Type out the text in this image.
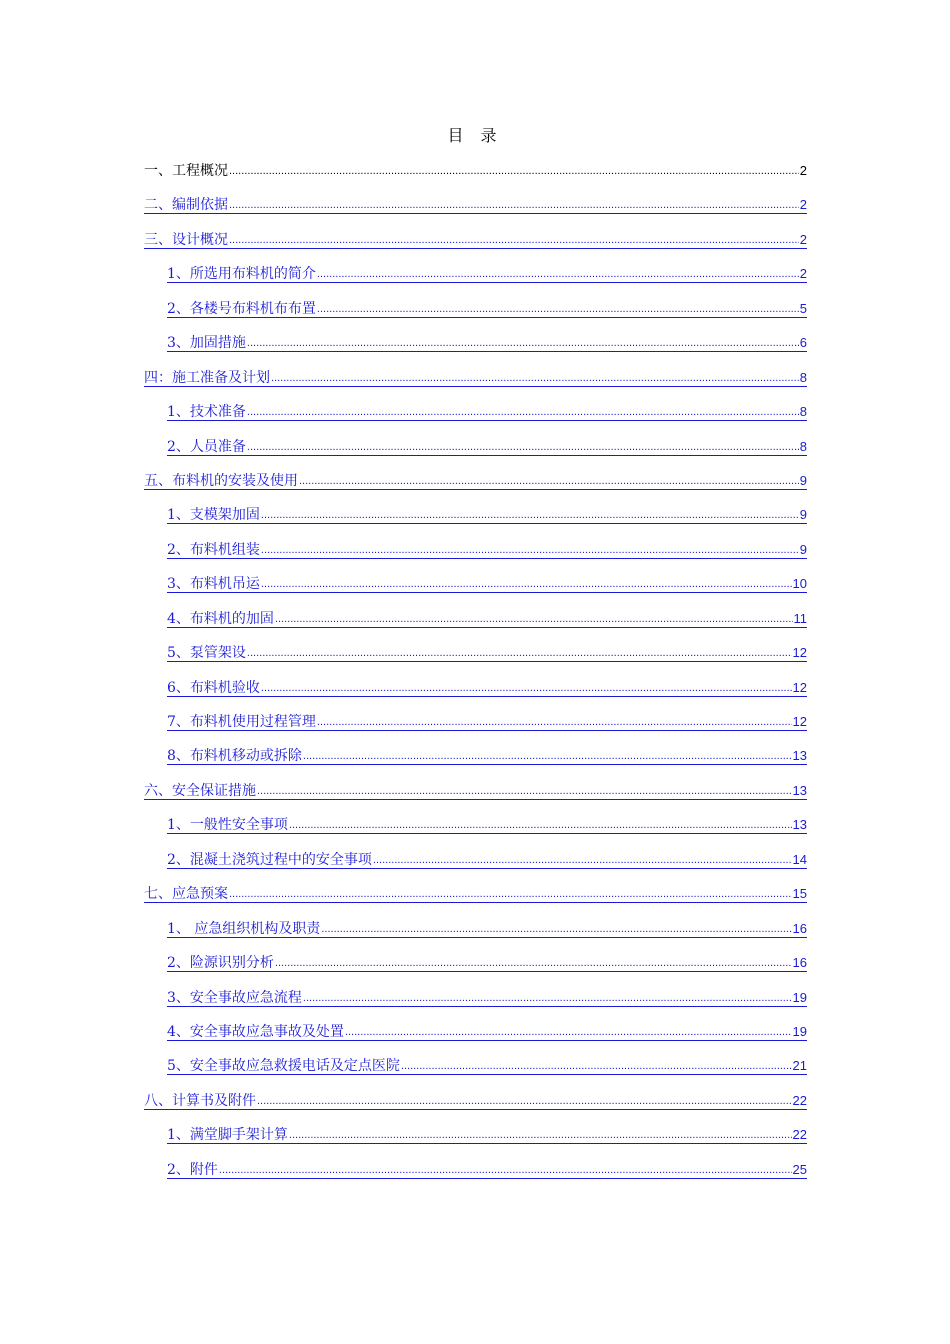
目 录
一、工程概况 .....	2
二、编制依据 .....	2
三、设计概况 .....	2
1、所选用布料机的简介 .....	2
2、各楼号布料机布布置 .....	5
3、加固措施 .....	6
四：施工准备及计划 .....	8
1、技术准备 .....	8
2、人员准备 .....	8
五、布料机的安装及使用 .....	9
1、支模架加固 .....	9
2、布料机组装 .....	9
3、布料机吊运 .....	10
4、布料机的加固 .....	11
5、泵管架设 .....	12
6、布料机验收 .....	12
7、布料机使用过程管理 .....	12
8、布料机移动或拆除 .....	13
六、安全保证措施 .....	13
1、一般性安全事项 .....	13
2、混凝土浇筑过程中的安全事项 .....	14
七、应急预案 .....	15
1、 应急组织机构及职责 .....	16
2、险源识别分析 .....	16
3、安全事故应急流程 .....	19
4、安全事故应急事故及处置 .....	19
5、安全事故应急救援电话及定点医院 .....	21
八、计算书及附件 .....	22
1、满堂脚手架计算 .....	22
2、附件 .....	25
